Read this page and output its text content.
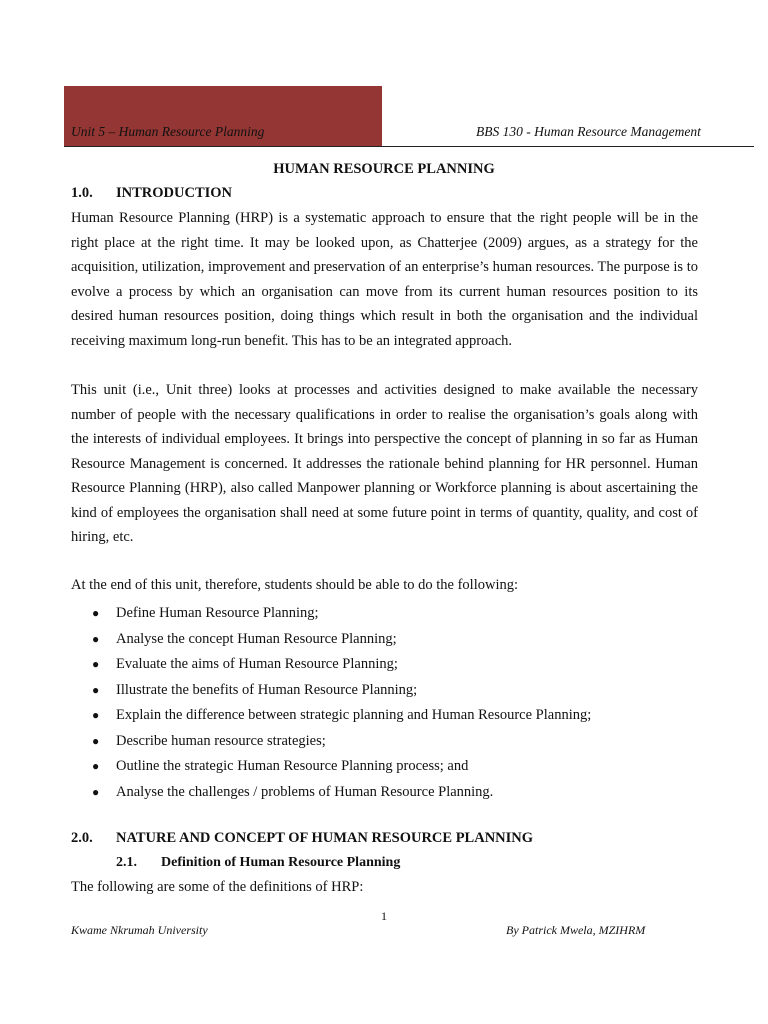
Unit 5 – Human Resource Planning	BBS 130 - Human Resource Management
HUMAN RESOURCE PLANNING
1.0. INTRODUCTION

Human Resource Planning (HRP) is a systematic approach to ensure that the right people will be in the right place at the right time. It may be looked upon, as Chatterjee (2009) argues, as a strategy for the acquisition, utilization, improvement and preservation of an enterprise’s human resources. The purpose is to evolve a process by which an organisation can move from its current human resources position to its desired human resources position, doing things which result in both the organisation and the individual receiving maximum long-run benefit. This has to be an integrated approach.

This unit (i.e., Unit three) looks at processes and activities designed to make available the necessary number of people with the necessary qualifications in order to realise the organisation’s goals along with the interests of individual employees. It brings into perspective the concept of planning in so far as Human Resource Management is concerned. It addresses the rationale behind planning for HR personnel. Human Resource Planning (HRP), also called Manpower planning or Workforce planning is about ascertaining the kind of employees the organisation shall need at some future point in terms of quantity, quality, and cost of hiring, etc.

At the end of this unit, therefore, students should be able to do the following:
● Define Human Resource Planning;
● Analyse the concept Human Resource Planning;
● Evaluate the aims of Human Resource Planning;
● Illustrate the benefits of Human Resource Planning;
● Explain the difference between strategic planning and Human Resource Planning;
● Describe human resource strategies;
● Outline the strategic Human Resource Planning process; and
● Analyse the challenges / problems of Human Resource Planning.
2.0. NATURE AND CONCEPT OF HUMAN RESOURCE PLANNING
2.1. Definition of Human Resource Planning
The following are some of the definitions of HRP:
1
Kwame Nkrumah University	By Patrick Mwela, MZIHRM
